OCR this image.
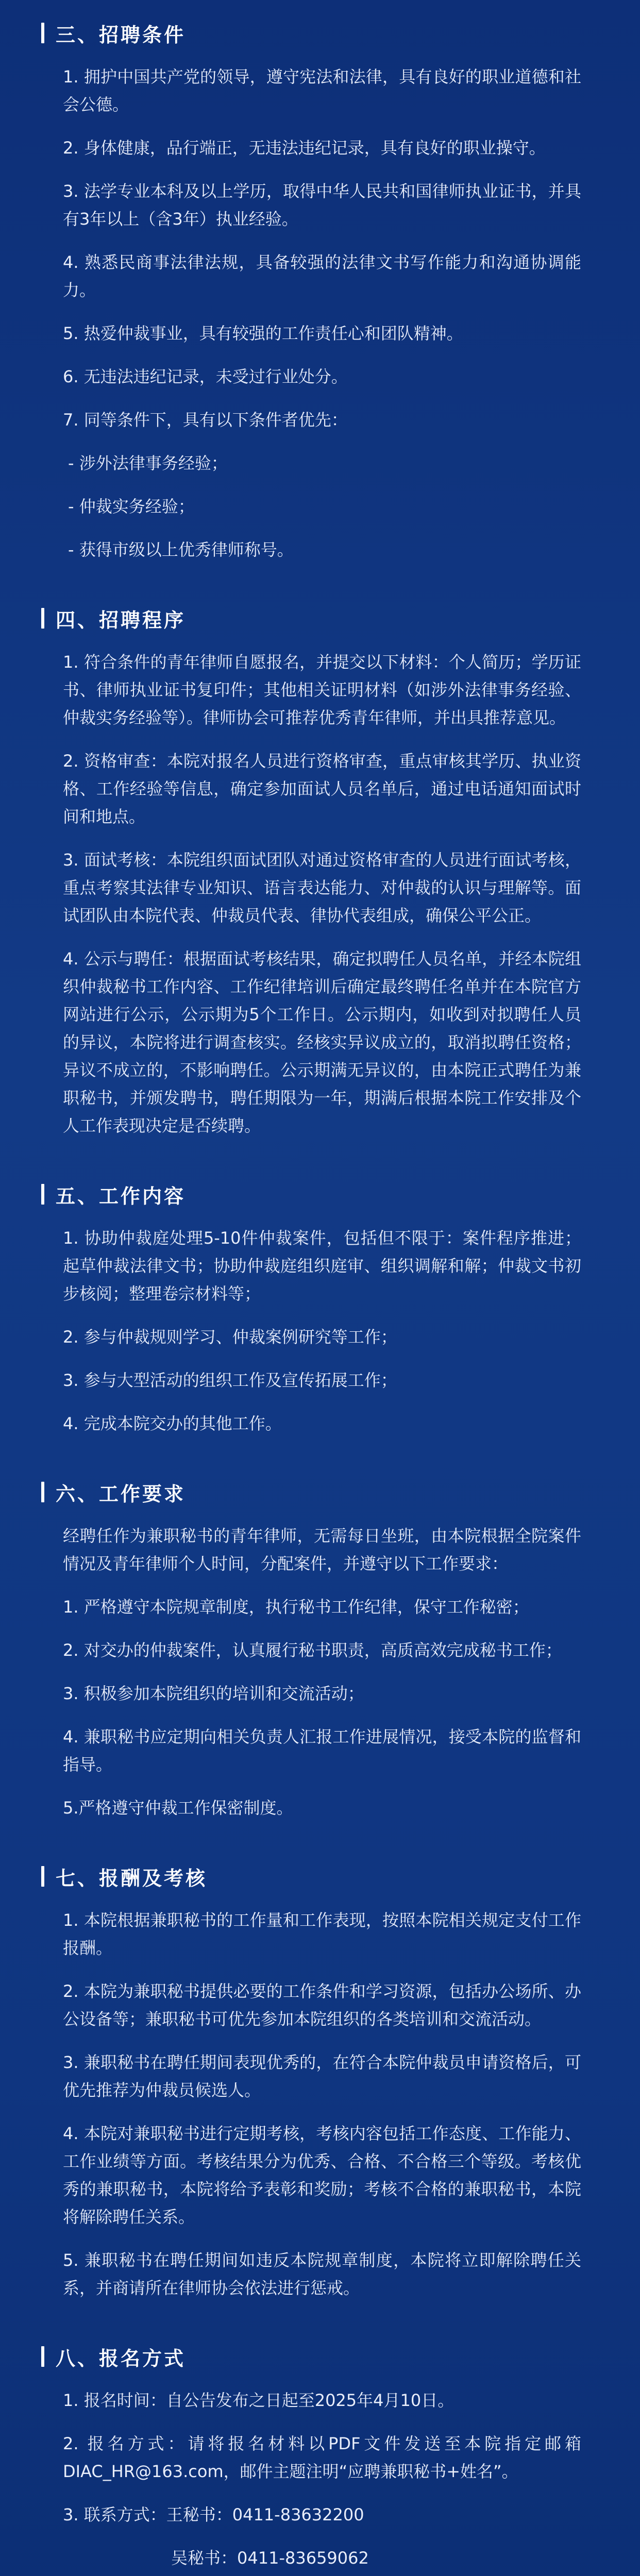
三、招聘条件

1. 拥护中国共产党的领导，遵守宪法和法律，具有良好的职业道德和社会公德。

2. 身体健康，品行端正，无违法违纪记录，具有良好的职业操守。

3. 法学专业本科及以上学历，取得中华人民共和国律师执业证书，并具有3年以上（含3年）执业经验。

4. 熟悉民商事法律法规，具备较强的法律文书写作能力和沟通协调能力。

5. 热爱仲裁事业，具有较强的工作责任心和团队精神。

6. 无违法违纪记录，未受过行业处分。

7. 同等条件下，具有以下条件者优先：

- 涉外法律事务经验；

- 仲裁实务经验；

- 获得市级以上优秀律师称号。

四、招聘程序

1. 符合条件的青年律师自愿报名，并提交以下材料：个人简历；学历证书、律师执业证书复印件；其他相关证明材料（如涉外法律事务经验、仲裁实务经验等）。律师协会可推荐优秀青年律师，并出具推荐意见。

2. 资格审查：本院对报名人员进行资格审查，重点审核其学历、执业资格、工作经验等信息，确定参加面试人员名单后，通过电话通知面试时间和地点。

3. 面试考核：本院组织面试团队对通过资格审查的人员进行面试考核，重点考察其法律专业知识、语言表达能力、对仲裁的认识与理解等。面试团队由本院代表、仲裁员代表、律协代表组成，确保公平公正。

4. 公示与聘任：根据面试考核结果，确定拟聘任人员名单，并经本院组织仲裁秘书工作内容、工作纪律培训后确定最终聘任名单并在本院官方网站进行公示，公示期为5个工作日。公示期内，如收到对拟聘任人员的异议，本院将进行调查核实。经核实异议成立的，取消拟聘任资格；异议不成立的，不影响聘任。公示期满无异议的，由本院正式聘任为兼职秘书，并颁发聘书，聘任期限为一年，期满后根据本院工作安排及个人工作表现决定是否续聘。

五、工作内容

1. 协助仲裁庭处理5-10件仲裁案件，包括但不限于：案件程序推进；起草仲裁法律文书；协助仲裁庭组织庭审、组织调解和解；仲裁文书初步核阅；整理卷宗材料等；

2. 参与仲裁规则学习、仲裁案例研究等工作；

3. 参与大型活动的组织工作及宣传拓展工作；

4. 完成本院交办的其他工作。

六、工作要求

经聘任作为兼职秘书的青年律师，无需每日坐班，由本院根据全院案件情况及青年律师个人时间，分配案件，并遵守以下工作要求：

1. 严格遵守本院规章制度，执行秘书工作纪律，保守工作秘密；

2. 对交办的仲裁案件，认真履行秘书职责，高质高效完成秘书工作；

3. 积极参加本院组织的培训和交流活动；

4. 兼职秘书应定期向相关负责人汇报工作进展情况，接受本院的监督和指导。

5.严格遵守仲裁工作保密制度。

七、报酬及考核

1. 本院根据兼职秘书的工作量和工作表现，按照本院相关规定支付工作报酬。

2. 本院为兼职秘书提供必要的工作条件和学习资源，包括办公场所、办公设备等；兼职秘书可优先参加本院组织的各类培训和交流活动。

3. 兼职秘书在聘任期间表现优秀的，在符合本院仲裁员申请资格后，可优先推荐为仲裁员候选人。

4. 本院对兼职秘书进行定期考核，考核内容包括工作态度、工作能力、工作业绩等方面。考核结果分为优秀、合格、不合格三个等级。考核优秀的兼职秘书，本院将给予表彰和奖励；考核不合格的兼职秘书，本院将解除聘任关系。

5. 兼职秘书在聘任期间如违反本院规章制度，本院将立即解除聘任关系，并商请所在律师协会依法进行惩戒。

八、报名方式

1. 报名时间：自公告发布之日起至2025年4月10日。

2. 报名方式：请将报名材料以PDF文件发送至本院指定邮箱DIAC_HR@163.com，邮件主题注明“应聘兼职秘书+姓名”。

3. 联系方式：王秘书：0411-83632200

吴秘书：0411-83659062
